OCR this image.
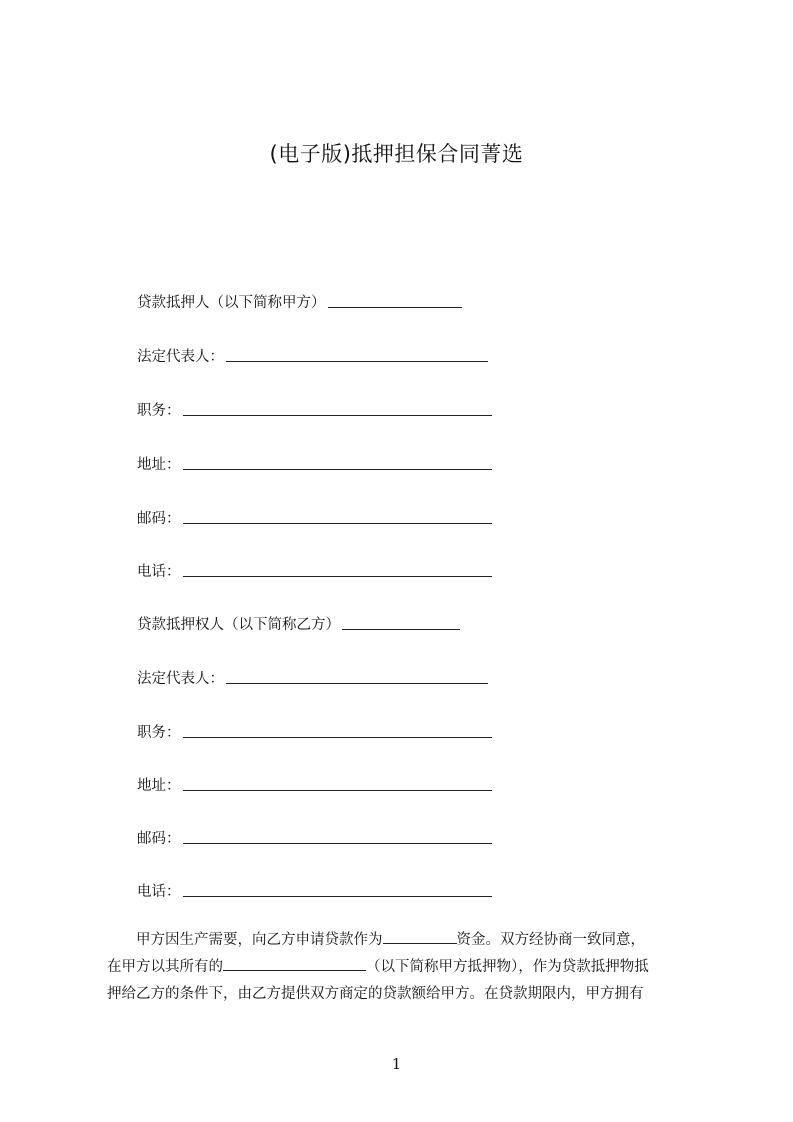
(电子版)抵押担保合同菁选
贷款抵押人（以下简称甲方）
法定代表人：
职务：
地址：
邮码：
电话：
贷款抵押权人（以下简称乙方）
法定代表人：
职务：
地址：
邮码：
电话：
甲方因生产需要，向乙方申请贷款作为	资金。双方经协商一致同意，
在甲方以其所有的	（以下简称甲方抵押物），作为贷款抵押物抵
押给乙方的条件下，由乙方提供双方商定的贷款额给甲方。在贷款期限内，甲方拥有
1
